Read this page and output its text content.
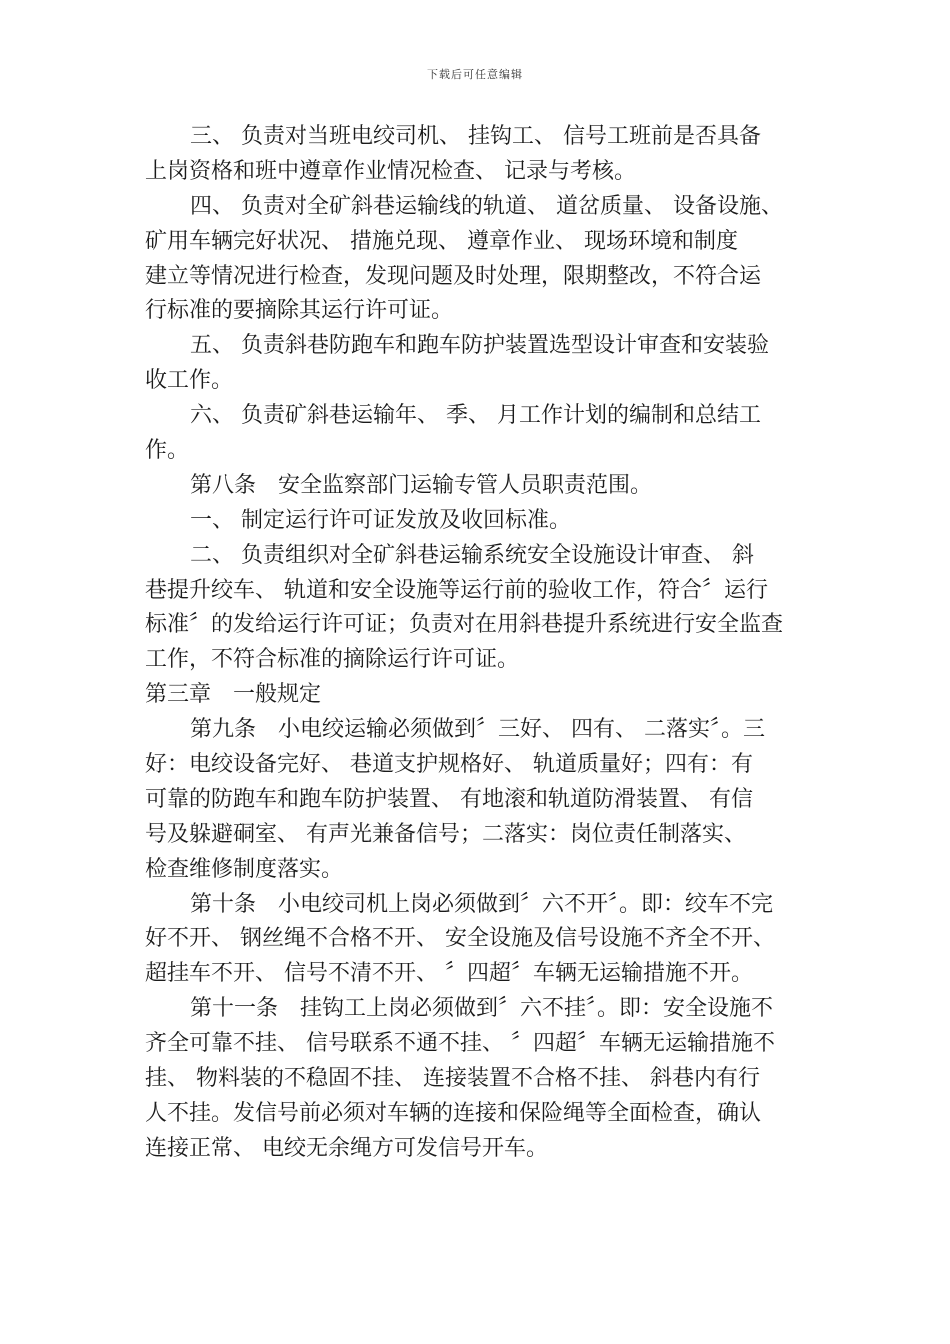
下载后可任意编辑
三、 负责对当班电绞司机、 挂钩工、 信号工班前是否具备
上岗资格和班中遵章作业情况检查、 记录与考核。
四、 负责对全矿斜巷运输线的轨道、 道岔质量、 设备设施、
矿用车辆完好状况、 措施兑现、 遵章作业、 现场环境和制度
建立等情况进行检查，发现问题及时处理，限期整改，不符合运
行标准的要摘除其运行许可证。
五、 负责斜巷防跑车和跑车防护装置选型设计审查和安装验
收工作。
六、 负责矿斜巷运输年、 季、 月工作计划的编制和总结工
作。
第八条　安全监察部门运输专管人员职责范围。
一、 制定运行许可证发放及收回标准。
二、 负责组织对全矿斜巷运输系统安全设施设计审查、 斜
巷提升绞车、 轨道和安全设施等运行前的验收工作，符合〞运行
标准〞的发给运行许可证；负责对在用斜巷提升系统进行安全监查
工作，不符合标准的摘除运行许可证。
第三章　一般规定
第九条　小电绞运输必须做到〞三好、 四有、 二落实〞。三
好：电绞设备完好、 巷道支护规格好、 轨道质量好；四有：有
可靠的防跑车和跑车防护装置、 有地滚和轨道防滑装置、 有信
号及躲避硐室、 有声光兼备信号；二落实：岗位责任制落实、
检查维修制度落实。
第十条　小电绞司机上岗必须做到〞六不开〞。即：绞车不完
好不开、 钢丝绳不合格不开、 安全设施及信号设施不齐全不开、
超挂车不开、 信号不清不开、 〞四超〞车辆无运输措施不开。
第十一条　挂钩工上岗必须做到〞六不挂〞。即：安全设施不
齐全可靠不挂、 信号联系不通不挂、 〞四超〞车辆无运输措施不
挂、 物料装的不稳固不挂、 连接装置不合格不挂、 斜巷内有行
人不挂。发信号前必须对车辆的连接和保险绳等全面检查，确认
连接正常、 电绞无余绳方可发信号开车。
